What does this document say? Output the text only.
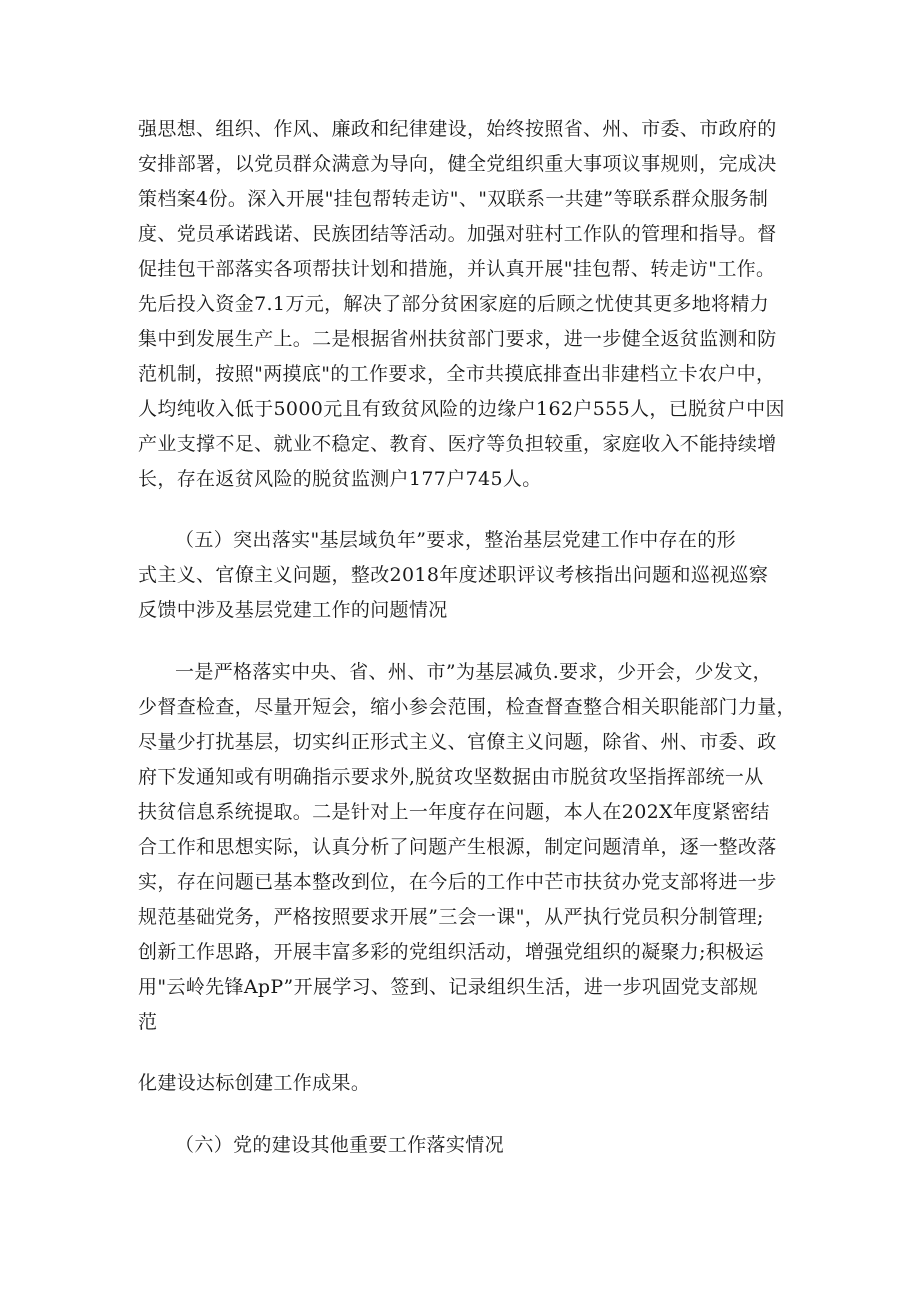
强思想、组织、作风、廉政和纪律建设，始终按照省、州、市委、市政府的
安排部署，以党员群众满意为导向，健全党组织重大事项议事规则，完成决
策档案4份。深入开展"挂包帮转走访"、"双联系一共建”等联系群众服务制
度、党员承诺践诺、民族团结等活动。加强对驻村工作队的管理和指导。督
促挂包干部落实各项帮扶计划和措施，并认真开展"挂包帮、转走访"工作。
先后投入资金7.1万元，解决了部分贫困家庭的后顾之忧使其更多地将精力
集中到发展生产上。二是根据省州扶贫部门要求，进一步健全返贫监测和防
范机制，按照"两摸底"的工作要求，全市共摸底排查出非建档立卡农户中，
人均纯收入低于5000元且有致贫风险的边缘户162户555人，已脱贫户中因
产业支撑不足、就业不稳定、教育、医疗等负担较重，家庭收入不能持续增
长，存在返贫风险的脱贫监测户177户745人。
（五）突出落实"基层域负年”要求，整治基层党建工作中存在的形
式主义、官僚主义问题，整改2018年度述职评议考核指出问题和巡视巡察
反馈中涉及基层党建工作的问题情况
一是严格落实中央、省、州、市”为基层减负.要求，少开会，少发文，
少督查检查，尽量开短会，缩小参会范围，检查督查整合相关职能部门力量，
尽量少打扰基层，切实纠正形式主义、官僚主义问题，除省、州、市委、政
府下发通知或有明确指示要求外,脱贫攻坚数据由市脱贫攻坚指挥部统一从
扶贫信息系统提取。二是针对上一年度存在问题，本人在202X年度紧密结
合工作和思想实际，认真分析了问题产生根源，制定问题清单，逐一整改落
实，存在问题已基本整改到位，在今后的工作中芒市扶贫办党支部将进一步
规范基础党务，严格按照要求开展”三会一课"，从严执行党员积分制管理;
创新工作思路，开展丰富多彩的党组织活动，增强党组织的凝聚力;积极运
用"云岭先锋ApP”开展学习、签到、记录组织生活，进一步巩固党支部规
范
化建设达标创建工作成果。
（六）党的建设其他重要工作落实情况
